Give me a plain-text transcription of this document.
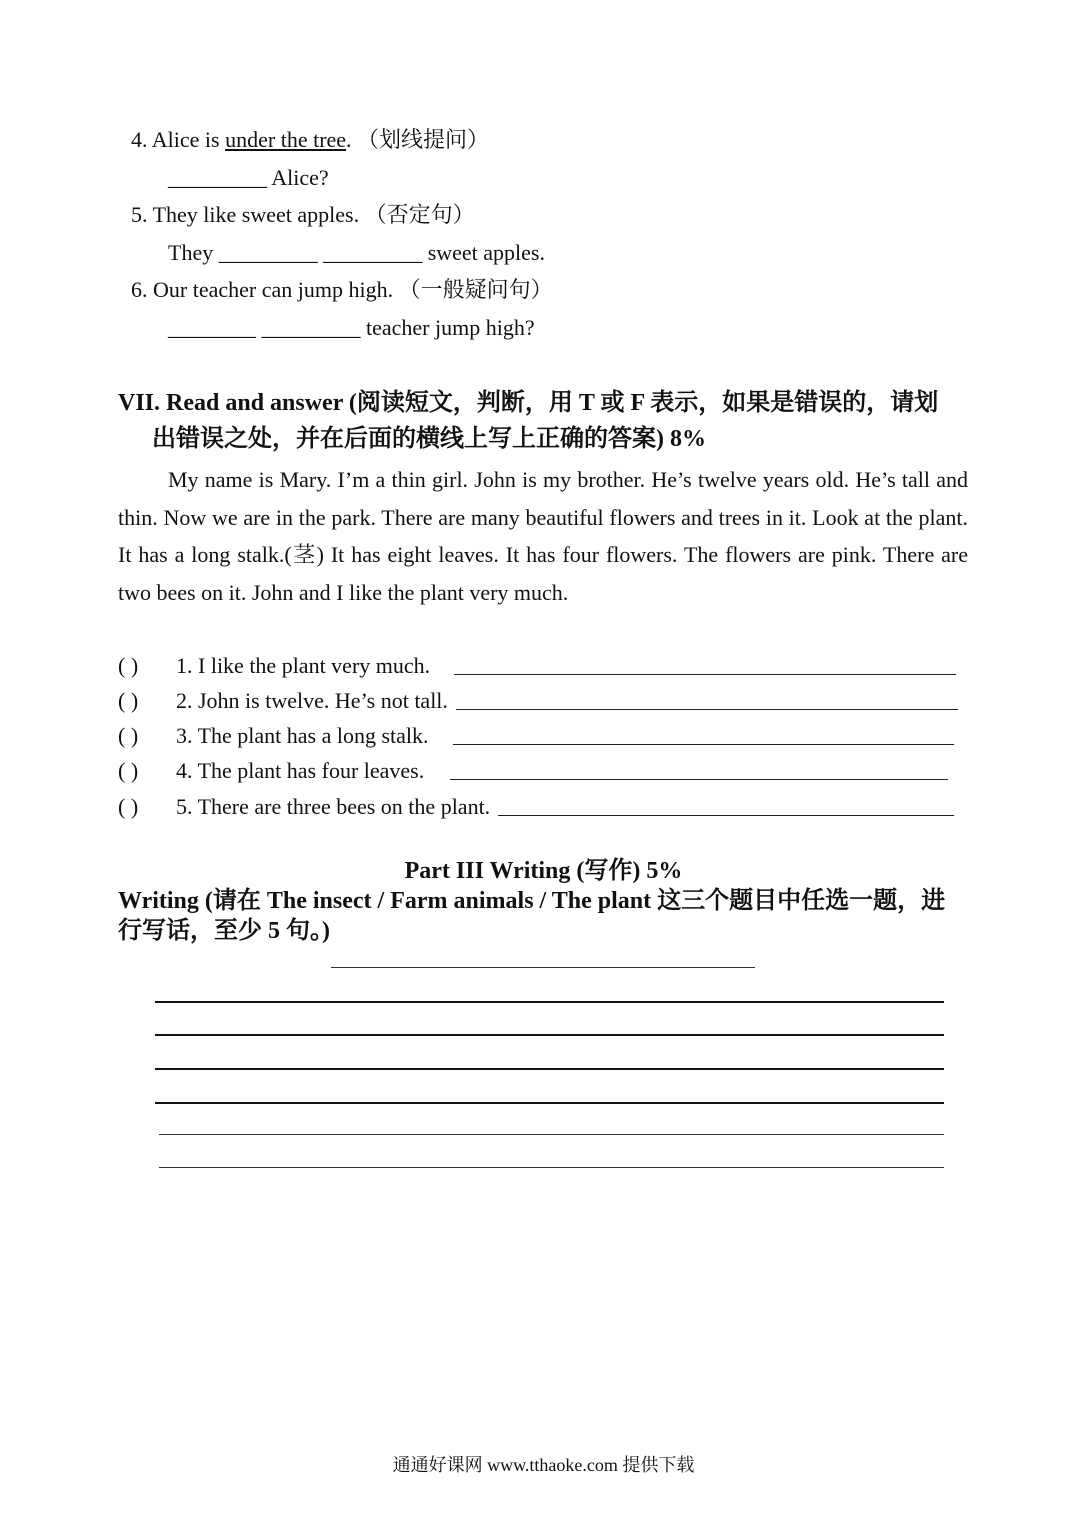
4. Alice is under the tree. （划线提问）
_________ Alice?
5. They like sweet apples. （否定句）
They _________ _________ sweet apples.
6. Our teacher can jump high. （一般疑问句）
________ _________ teacher jump high?
VII. Read and answer (阅读短文，判断，用 T 或 F 表示，如果是错误的，请划
出错误之处，并在后面的横线上写上正确的答案) 8%
My name is Mary. I’m a thin girl. John is my brother. He’s twelve years old. He’s tall and thin. Now we are in the park. There are many beautiful flowers and trees in it. Look at the plant. It has a long stalk.(茎) It has eight leaves. It has four flowers. The flowers are pink. There are two bees on it. John and I like the plant very much.
( )	1. I like the plant very much.
( )	2. John is twelve. He’s not tall.
( )	3. The plant has a long stalk.
( )	4. The plant has four leaves.
( )	5. There are three bees on the plant.
Part III Writing (写作) 5%
Writing (请在 The insect / Farm animals / The plant 这三个题目中任选一题，进
行写话，至少 5 句。)
通通好课网 www.tthaoke.com 提供下载
